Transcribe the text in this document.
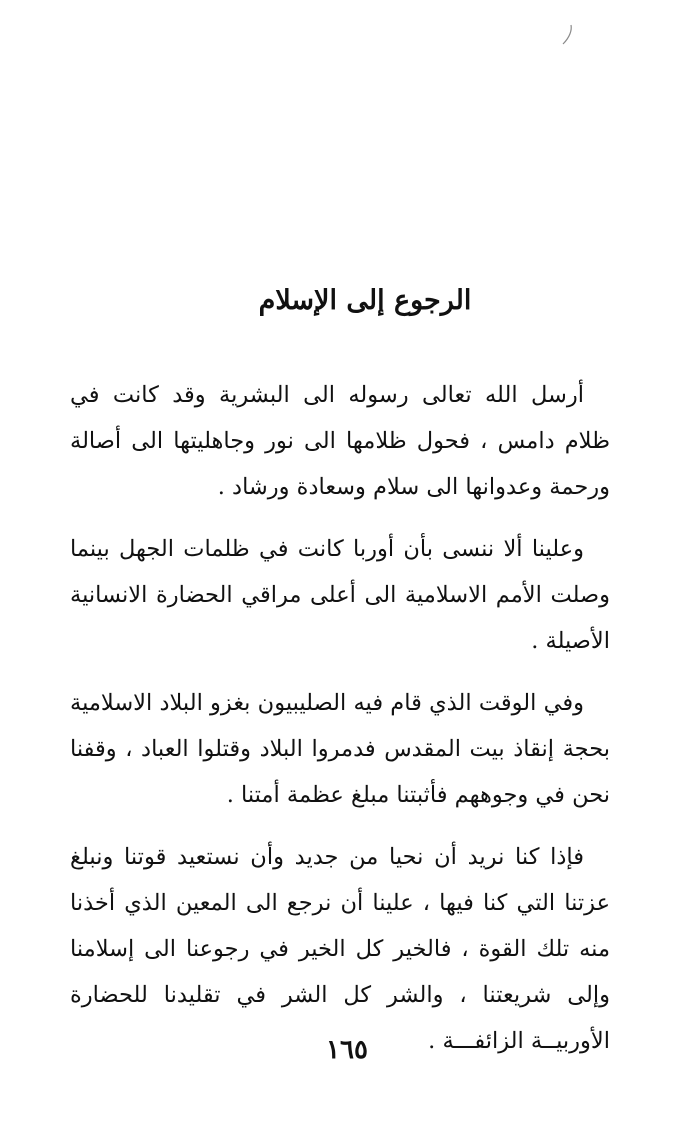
الرجوع إلى الإسلام

أرسل الله تعالى رسوله الى البشرية وقد كانت في ظلام دامس ، فحول ظلامها الى نور وجاهليتها الى أصالة ورحمة وعدوانها الى سلام وسعادة ورشاد .

وعلينا ألا ننسى بأن أوربا كانت في ظلمات الجهل بينما وصلت الأمم الاسلامية الى أعلى مراقي الحضارة الانسانية الأصيلة .

وفي الوقت الذي قام فيه الصليبيون بغزو البلاد الاسلامية بحجة إنقاذ بيت المقدس فدمروا البلاد وقتلوا العباد ، وقفنا نحن في وجوههم فأثبتنا مبلغ عظمة أمتنا .

فإذا كنا نريد أن نحيا من جديد وأن نستعيد قوتنا ونبلغ عزتنا التي كنا فيها ، علينا أن نرجع الى المعين الذي أخذنا منه تلك القوة ، فالخير كل الخير في رجوعنا الى إسلامنا وإلى شريعتنا ، والشر كل الشر في تقليدنا للحضارة الأوربيــة الزائفـــة .

١٦٥
